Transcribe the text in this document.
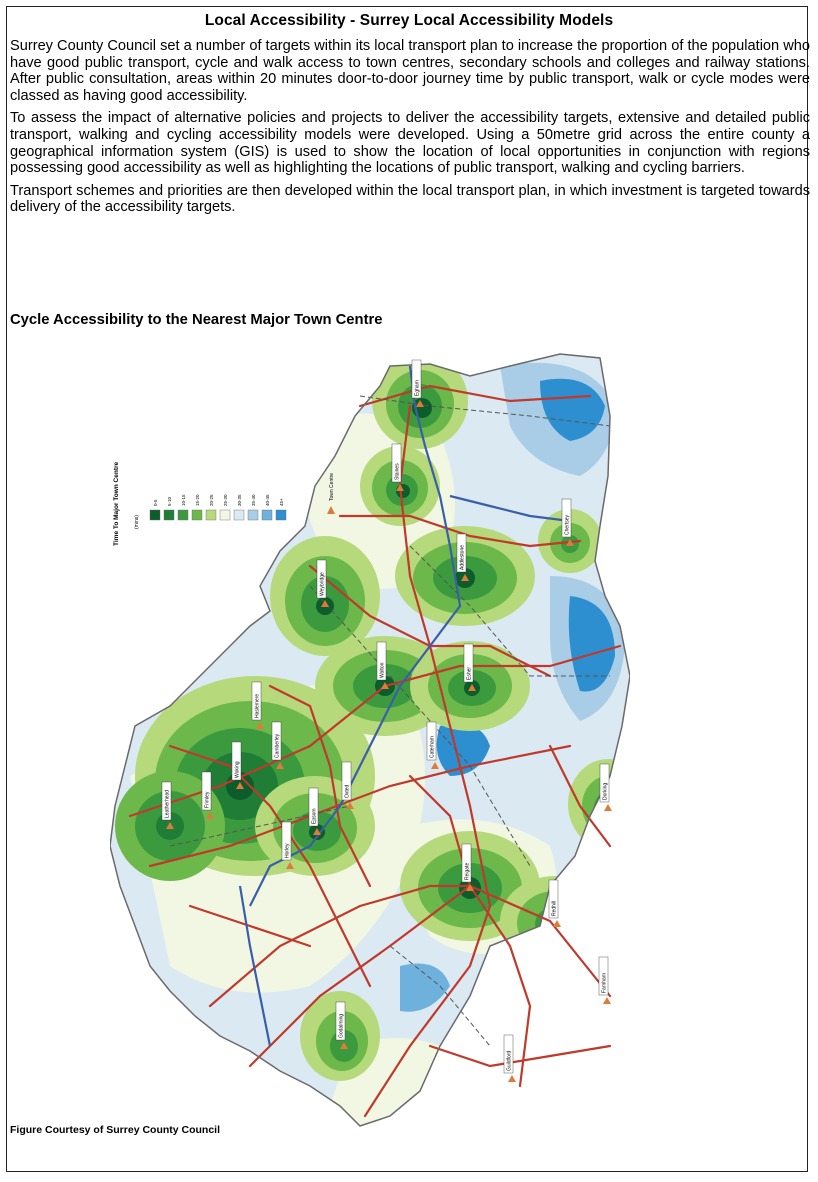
Local Accessibility - Surrey Local Accessibility Models

Surrey County Council set a number of targets within its local transport plan to increase the proportion of the population who have good public transport, cycle and walk access to town centres, secondary schools and colleges and railway stations. After public consultation, areas within 20 minutes door-to-door journey time by public transport, walk or cycle modes were classed as having good accessibility.

To assess the impact of alternative policies and projects to deliver the accessibility targets, extensive and detailed public transport, walking and cycling accessibility models were developed. Using a 50metre grid across the entire county a geographical information system (GIS) is used to show the location of local opportunities in conjunction with regions possessing good accessibility as well as highlighting the locations of public transport, walking and cycling barriers.

Transport schemes and priorities are then developed within the local transport plan, in which investment is targeted towards delivery of the accessibility targets.

Cycle Accessibility to the Nearest Major Town Centre
Egham
Staines
Addlestone
Chertsey
Weybridge
Walton	Esher
Woking
Leatherhead	Epsom
Reigate
Redhill
Dorking
Guildford
Godalming
Farnham
Camberley
Frimley
Haslemere
Oxted
Caterham
Horley
Time To Major Town Centre	(mins)
0-5 5-10 10-15 15-20 20-25 25-30 30-35 35-40 40-45 45+
Town Centre
Figure Courtesy of Surrey County Council
